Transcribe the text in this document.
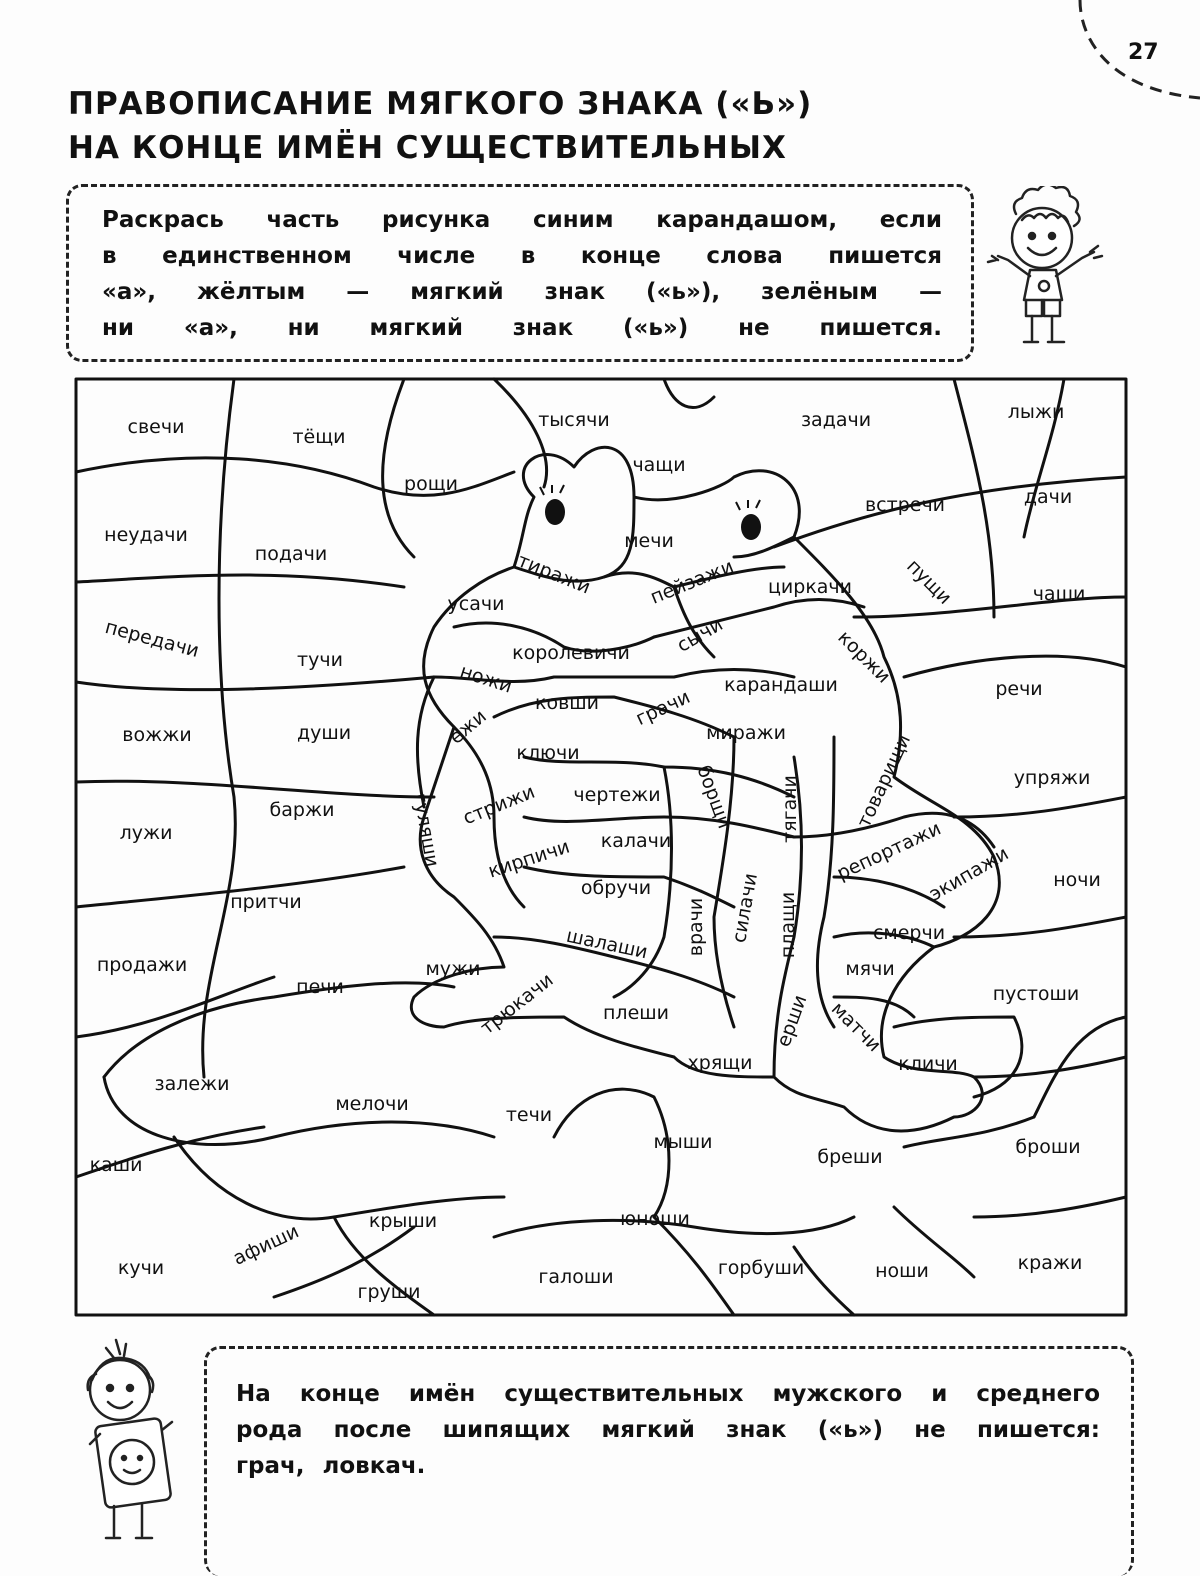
27
ПРАВОПИСАНИЕ МЯГКОГО ЗНАКА («Ь»)
НА КОНЦЕ ИМЁН СУЩЕСТВИТЕЛЬНЫХ
Раскрась часть рисунка синим карандашом, если
в единственном числе в конце слова пишется
«а», жёлтым — мягкий знак («ь»), зелёным —
ни «а», ни мягкий знак («ь») не пишется.
свечи	тёщи
тысячи	задачи	лыжи
рощи
чащи
неудачи
встречи	дачи
подачи
мечи
тиражи	пейзажи циркачи	пущи	чаши
усачи
передачи	королевичи сычи	коржи
тучи
ножи
ковши грачи
карандаши	речи
вожжи	души	ежи
ключи
миражи	товарищи
борщи тягачи	упряжи
баржи	стрижи чертежи
гуляши
лужи	калачи	репортажи
кирпичи	экипажи ночи
обручи	силачи
притчи	врачи	плащи	смерчи
шалаши
продажи	мужи	мячи
печи	пустоши
трюкачи плеши	ерши матчи
хрящи	кличи
залежи
мелочи	течи
мыши	броши
каши	бреши
крыши	юноши
афиши
кучи	галоши	горбуши	ноши	кражи
груши
На конце имён существительных мужского и среднего
рода после шипящих мягкий знак («ь») не пишется:
грач, ловкач.
